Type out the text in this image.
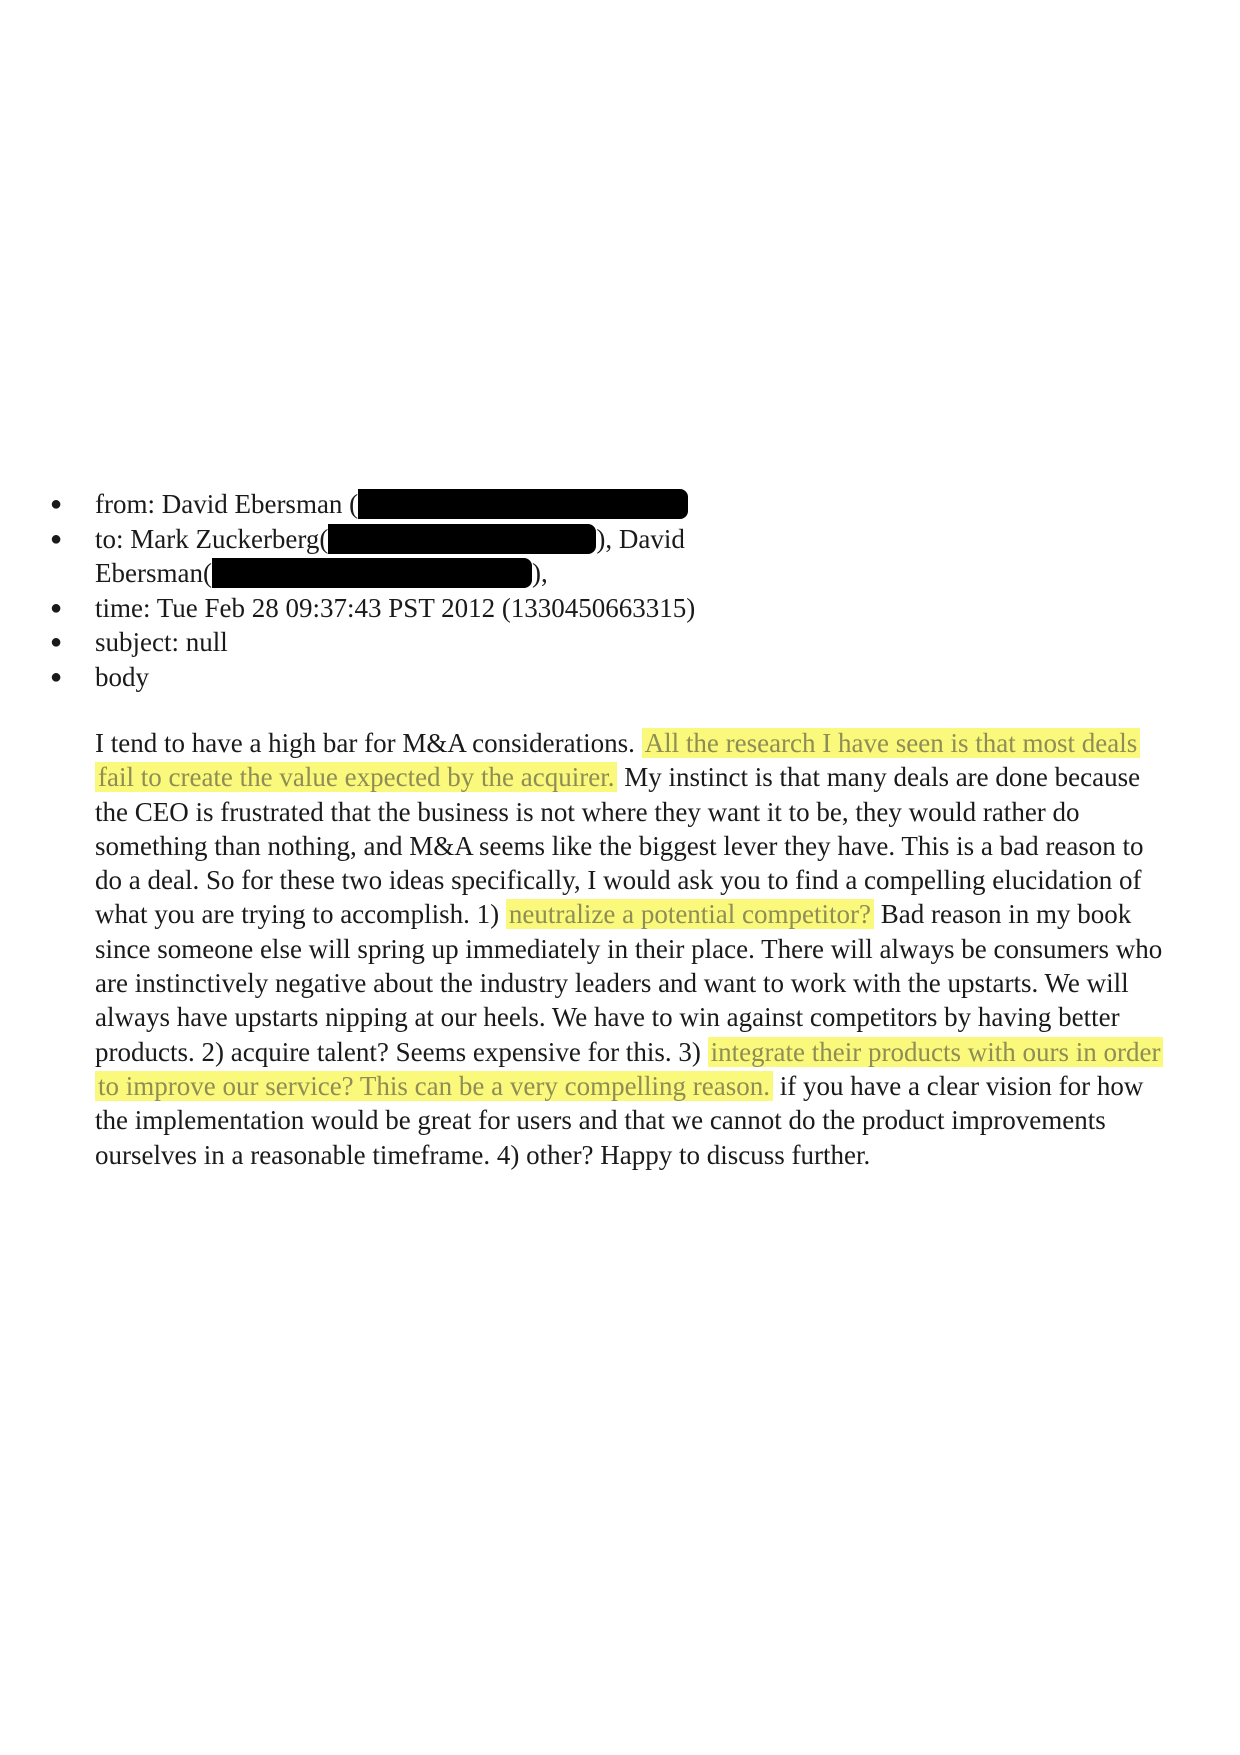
● from: David Ebersman (
● to: Mark Zuckerberg(	), David
Ebersman(	),
● time: Tue Feb 28 09:37:43 PST 2012 (1330450663315)
● subject: null
● body
I tend to have a high bar for M&A considerations. All the research I have seen is that most deals fail to create the value expected by the acquirer. My instinct is that many deals are done because the CEO is frustrated that the business is not where they want it to be, they would rather do something than nothing, and M&A seems like the biggest lever they have. This is a bad reason to do a deal. So for these two ideas specifically, I would ask you to find a compelling elucidation of what you are trying to accomplish. 1) neutralize a potential competitor? Bad reason in my book since someone else will spring up immediately in their place. There will always be consumers who are instinctively negative about the industry leaders and want to work with the upstarts. We will always have upstarts nipping at our heels. We have to win against competitors by having better products. 2) acquire talent? Seems expensive for this. 3) integrate their products with ours in order to improve our service? This can be a very compelling reason. if you have a clear vision for how the implementation would be great for users and that we cannot do the product improvements ourselves in a reasonable timeframe. 4) other? Happy to discuss further.
